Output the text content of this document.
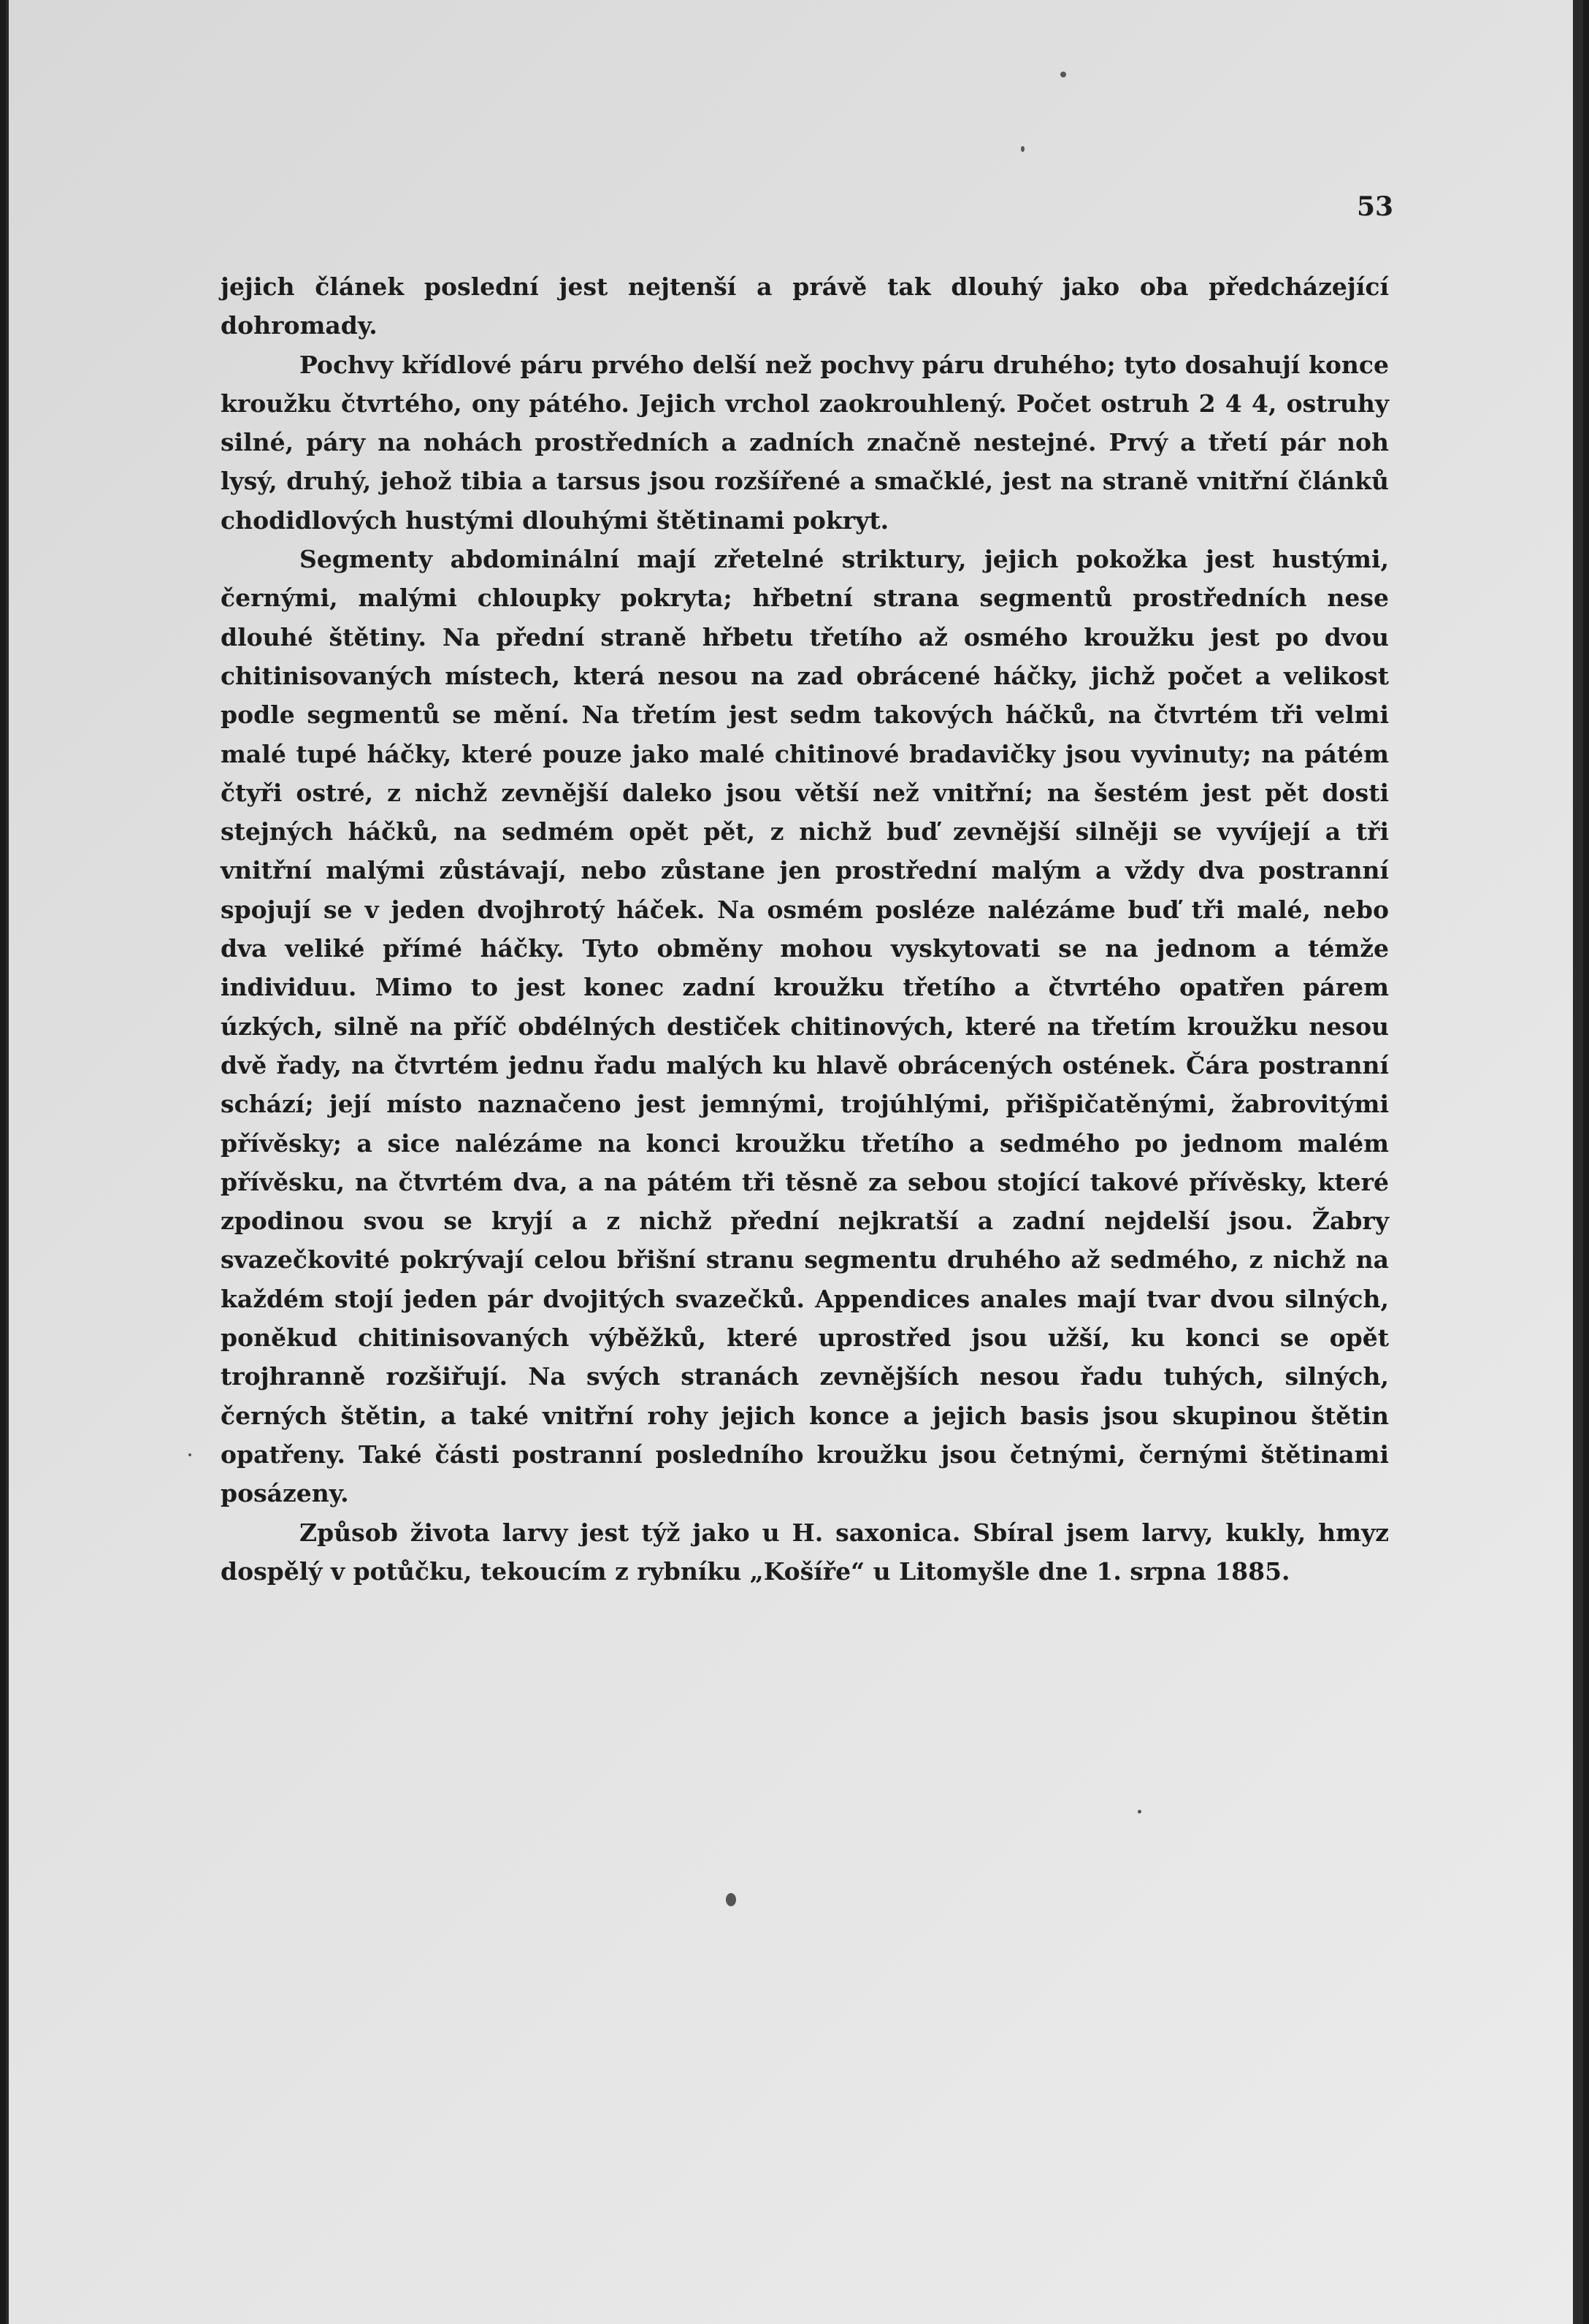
53

jejich článek poslední jest nejtenší a právě tak dlouhý jako oba předcházející dohromady.

Pochvy křídlové páru prvého delší než pochvy páru druhého; tyto dosahují konce kroužku čtvrtého, ony pátého. Jejich vrchol zaokrouhlený. Počet ostruh 2 4 4, ostruhy silné, páry na nohách prostředních a zadních značně nestejné. Prvý a třetí pár noh lysý, druhý, jehož tibia a tarsus jsou rozšířené a smačklé, jest na straně vnitřní článků chodidlových hustými dlouhými štětinami pokryt.

Segmenty abdominální mají zřetelné striktury, jejich pokožka jest hustými, černými, malými chloupky pokryta; hřbetní strana segmentů prostředních nese dlouhé štětiny. Na přední straně hřbetu třetího až osmého kroužku jest po dvou chitinisovaných místech, která nesou na zad obrácené háčky, jichž počet a velikost podle segmentů se mění. Na třetím jest sedm takových háčků, na čtvrtém tři velmi malé tupé háčky, které pouze jako malé chitinové bradavičky jsou vyvinuty; na pátém čtyři ostré, z nichž zevnější daleko jsou větší než vnitřní; na šestém jest pět dosti stejných háčků, na sedmém opět pět, z nichž buď zevnější silněji se vyvíjejí a tři vnitřní malými zůstávají, nebo zůstane jen prostřední malým a vždy dva postranní spojují se v jeden dvojhrotý háček. Na osmém posléze nalézáme buď tři malé, nebo dva veliké přímé háčky. Tyto obměny mohou vyskytovati se na jednom a témže individuu. Mimo to jest konec zadní kroužku třetího a čtvrtého opatřen párem úzkých, silně na příč obdélných destiček chitinových, které na třetím kroužku nesou dvě řady, na čtvrtém jednu řadu malých ku hlavě obrácených ostének. Čára postranní schází; její místo naznačeno jest jemnými, trojúhlými, přišpičatěnými, žabrovitými přívěsky; a sice nalézáme na konci kroužku třetího a sedmého po jednom malém přívěsku, na čtvrtém dva, a na pátém tři těsně za sebou stojící takové přívěsky, které zpodinou svou se kryjí a z nichž přední nejkratší a zadní nejdelší jsou. Žabry svazečkovité pokrývají celou břišní stranu segmentu druhého až sedmého, z nichž na každém stojí jeden pár dvojitých svazečků. Appendices anales mají tvar dvou silných, poněkud chitinisovaných výběžků, které uprostřed jsou užší, ku konci se opět trojhranně rozšiřují. Na svých stranách zevnějších nesou řadu tuhých, silných, černých štětin, a také vnitřní rohy jejich konce a jejich basis jsou skupinou štětin opatřeny. Také části postranní posledního kroužku jsou četnými, černými štětinami posázeny.

Způsob života larvy jest týž jako u H. saxonica. Sbíral jsem larvy, kukly, hmyz dospělý v potůčku, tekoucím z rybníku „Košíře“ u Litomyšle dne 1. srpna 1885.
